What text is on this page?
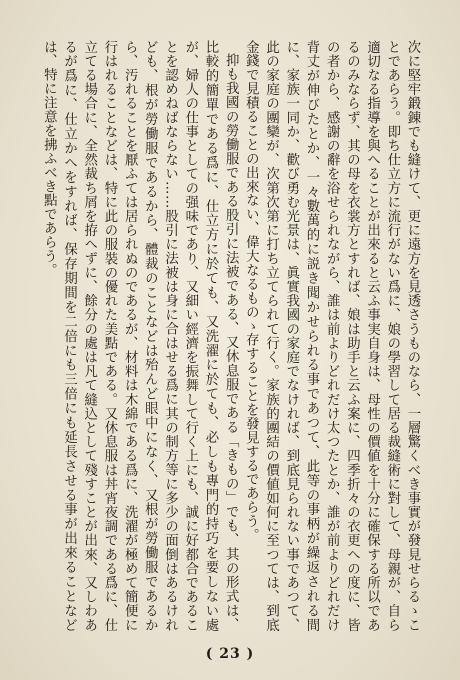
次に堅牢鍛錬でも縫けて、更に遠方を見透さうものなら、一層驚くべき事實が發見せらるゝことであらう。即ち仕立方に流行がない爲に、娘の學習して居る裁縫術に對して、母親が、自ら適切なる指導を與へることが出來ると云ふ事実自身は、母性の價値を十分に確保する所以であるのみならず、其の母を衣裳方とすれば、娘は助手と云ふ案に、四季折々の衣更への度に、皆の者から、感謝の辭を浴せられながら、誰は前よりどれだけ太つたとか、誰が前よりどれだけ背丈が伸びたとか、一々數萬的に説き聞かせられる事であつて、此等の事柄が繰返される間に、家族一同か、歡び勇む光景は、眞實我國の家庭でなければ、到底見られない事であつて、此の家庭の團欒が、次第次第に打ち立てられて行く。家族的團結の價値如何に至つては、到底金錢で見積ることの出來ない、偉大なるものゝ存することを發見するであらう。

抑も我國の勞働服である股引に法被である、又休息服である「きもの」でも、其の形式は、比較的簡單である爲に、仕立方に於ても、又洗濯に於ても、必しも專門的持巧を要しない處が、婦人の仕事としての强味であり、又細い經濟を振舞して行く上にも、誠に好都合であることを認めねばならない……股引に法被は身に合はせる爲に其の制方等に多少の面倒はあるけれども、根が勞働服であるから、體裁のことなどは殆んど眼中になく、又根が勞働服であるから、汚れることを厭ふては居られぬのであるが、材料は木綿である爲に、洗濯が極めて簡便に行はれることなどは、特に此の服裝の優れた美點である。又休息服は丼宵夜調である爲に、仕立てる場合に、全然裁ち屑を拵へずに、餘分の處は凡て縫込として殘すことが出來、又しわあるが爲に、仕立かへをすれば、保存期間を二倍にも三倍にも延長させる事が出來ることなどは、特に注意を拂ふべき點であらう。

( 23 )
